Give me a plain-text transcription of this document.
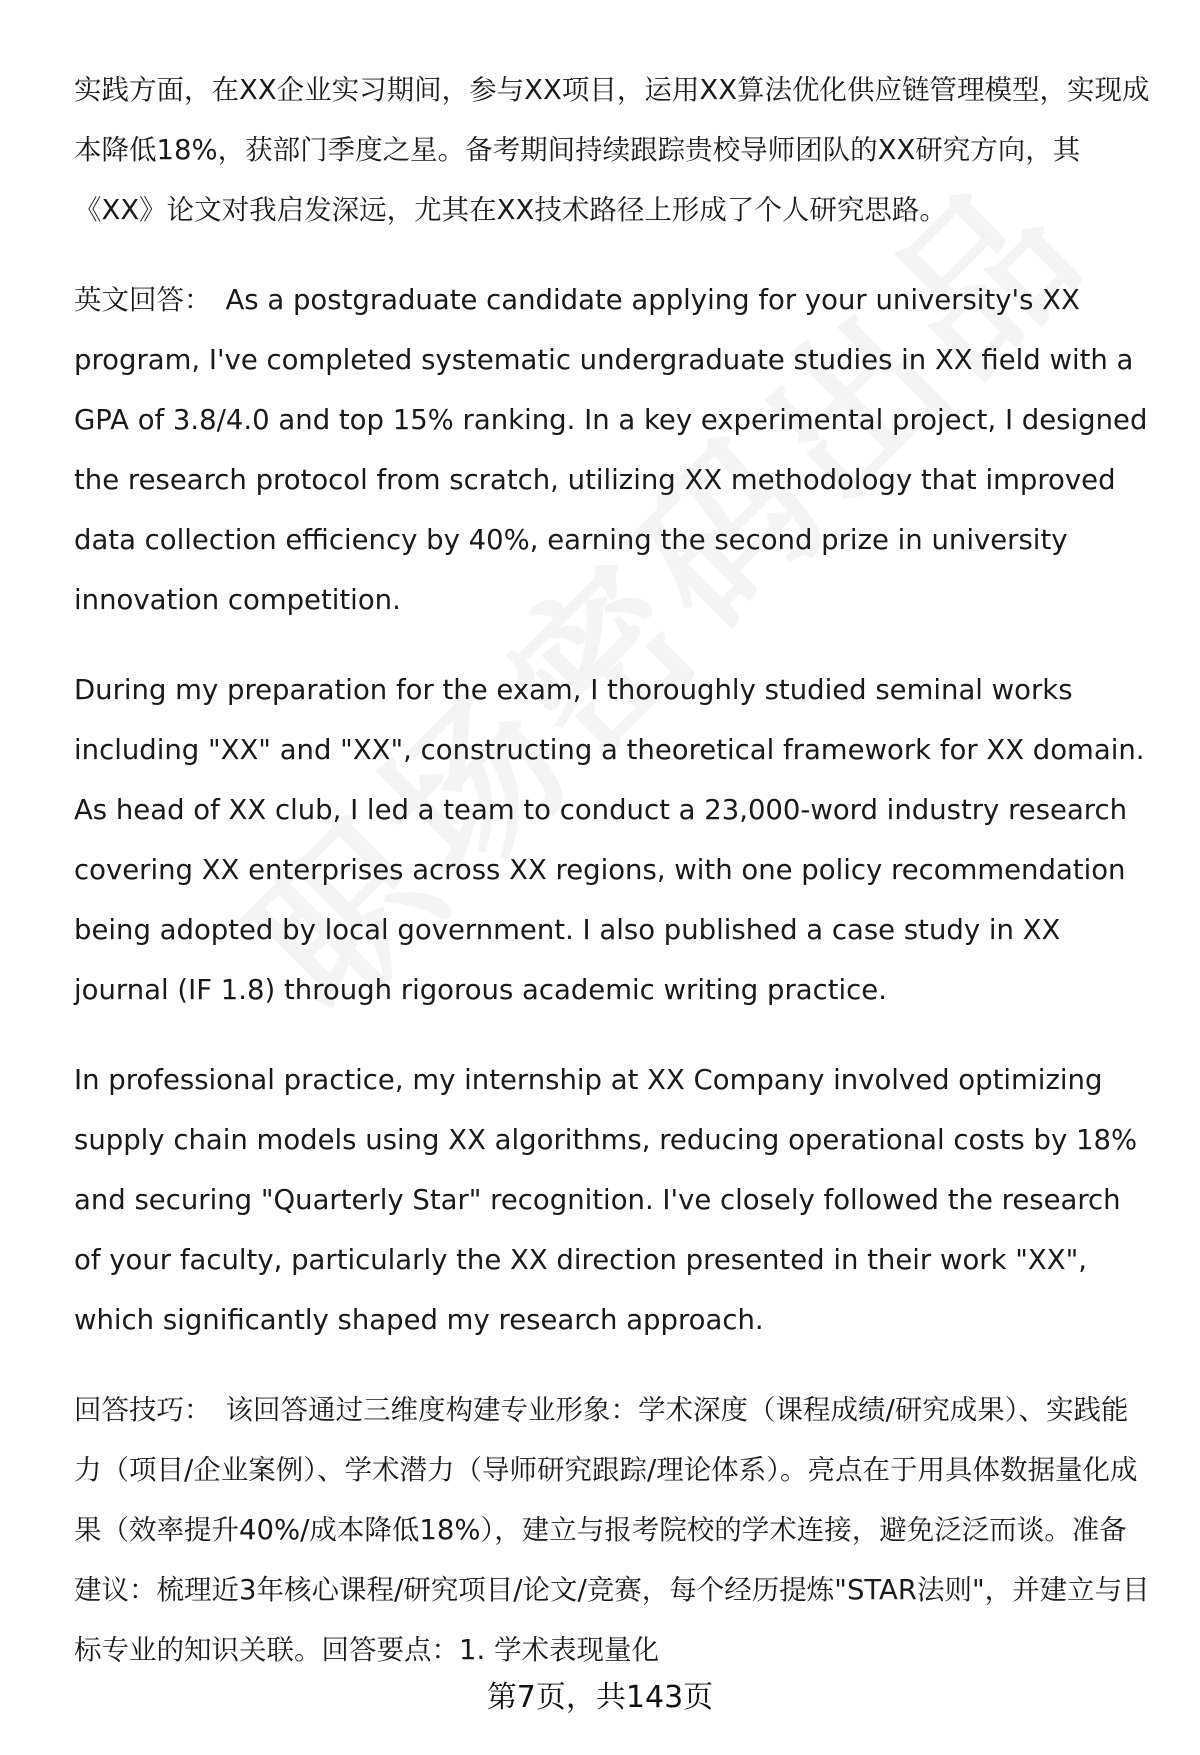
实践方面，在XX企业实习期间，参与XX项目，运用XX算法优化供应链管理模型，实现成本降低18%，获部门季度之星。备考期间持续跟踪贵校导师团队的XX研究方向，其《XX》论文对我启发深远，尤其在XX技术路径上形成了个人研究思路。

英文回答： As a postgraduate candidate applying for your university's XX program, I've completed systematic undergraduate studies in XX field with a GPA of 3.8/4.0 and top 15% ranking. In a key experimental project, I designed the research protocol from scratch, utilizing XX methodology that improved data collection efficiency by 40%, earning the second prize in university innovation competition.

During my preparation for the exam, I thoroughly studied seminal works including "XX" and "XX", constructing a theoretical framework for XX domain. As head of XX club, I led a team to conduct a 23,000-word industry research covering XX enterprises across XX regions, with one policy recommendation being adopted by local government. I also published a case study in XX journal (IF 1.8) through rigorous academic writing practice.

In professional practice, my internship at XX Company involved optimizing supply chain models using XX algorithms, reducing operational costs by 18% and securing "Quarterly Star" recognition. I've closely followed the research of your faculty, particularly the XX direction presented in their work "XX", which significantly shaped my research approach.

回答技巧： 该回答通过三维度构建专业形象：学术深度（课程成绩/研究成果）、实践能力（项目/企业案例）、学术潜力（导师研究跟踪/理论体系）。亮点在于用具体数据量化成果（效率提升40%/成本降低18%），建立与报考院校的学术连接，避免泛泛而谈。准备建议：梳理近3年核心课程/研究项目/论文/竞赛，每个经历提炼"STAR法则"，并建立与目标专业的知识关联。回答要点：1. 学术表现量化

第7页，共143页
